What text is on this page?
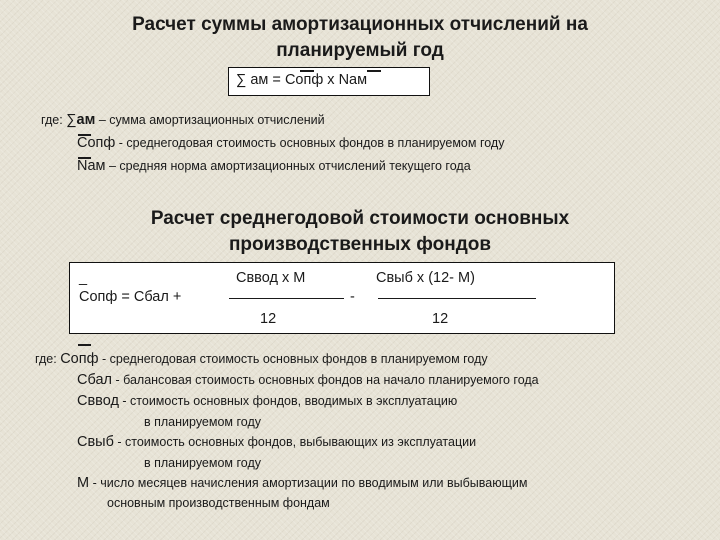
Расчет суммы амортизационных отчислений на
планируемый год
∑ ам = Cопф х Nам
где: ∑ам – сумма амортизационных отчислений
Cопф - среднегодовая стоимость основных фондов в планируемом году
Nам – средняя норма амортизационных отчислений текущего года
Расчет среднегодовой стоимости основных
производственных фондов
_
Cопф = Cбал +
Cввод х М	Cвыб х (12- М)
-
12	12
где: Cопф - среднегодовая стоимость основных фондов в планируемом году
Cбал - балансовая стоимость основных фондов на начало планируемого года
Cввод - стоимость основных фондов, вводимых в эксплуатацию
в планируемом году
Cвыб - стоимость основных фондов, выбывающих из эксплуатации
в планируемом году
М - число месяцев начисления амортизации по вводимым или выбывающим
основным производственным фондам
